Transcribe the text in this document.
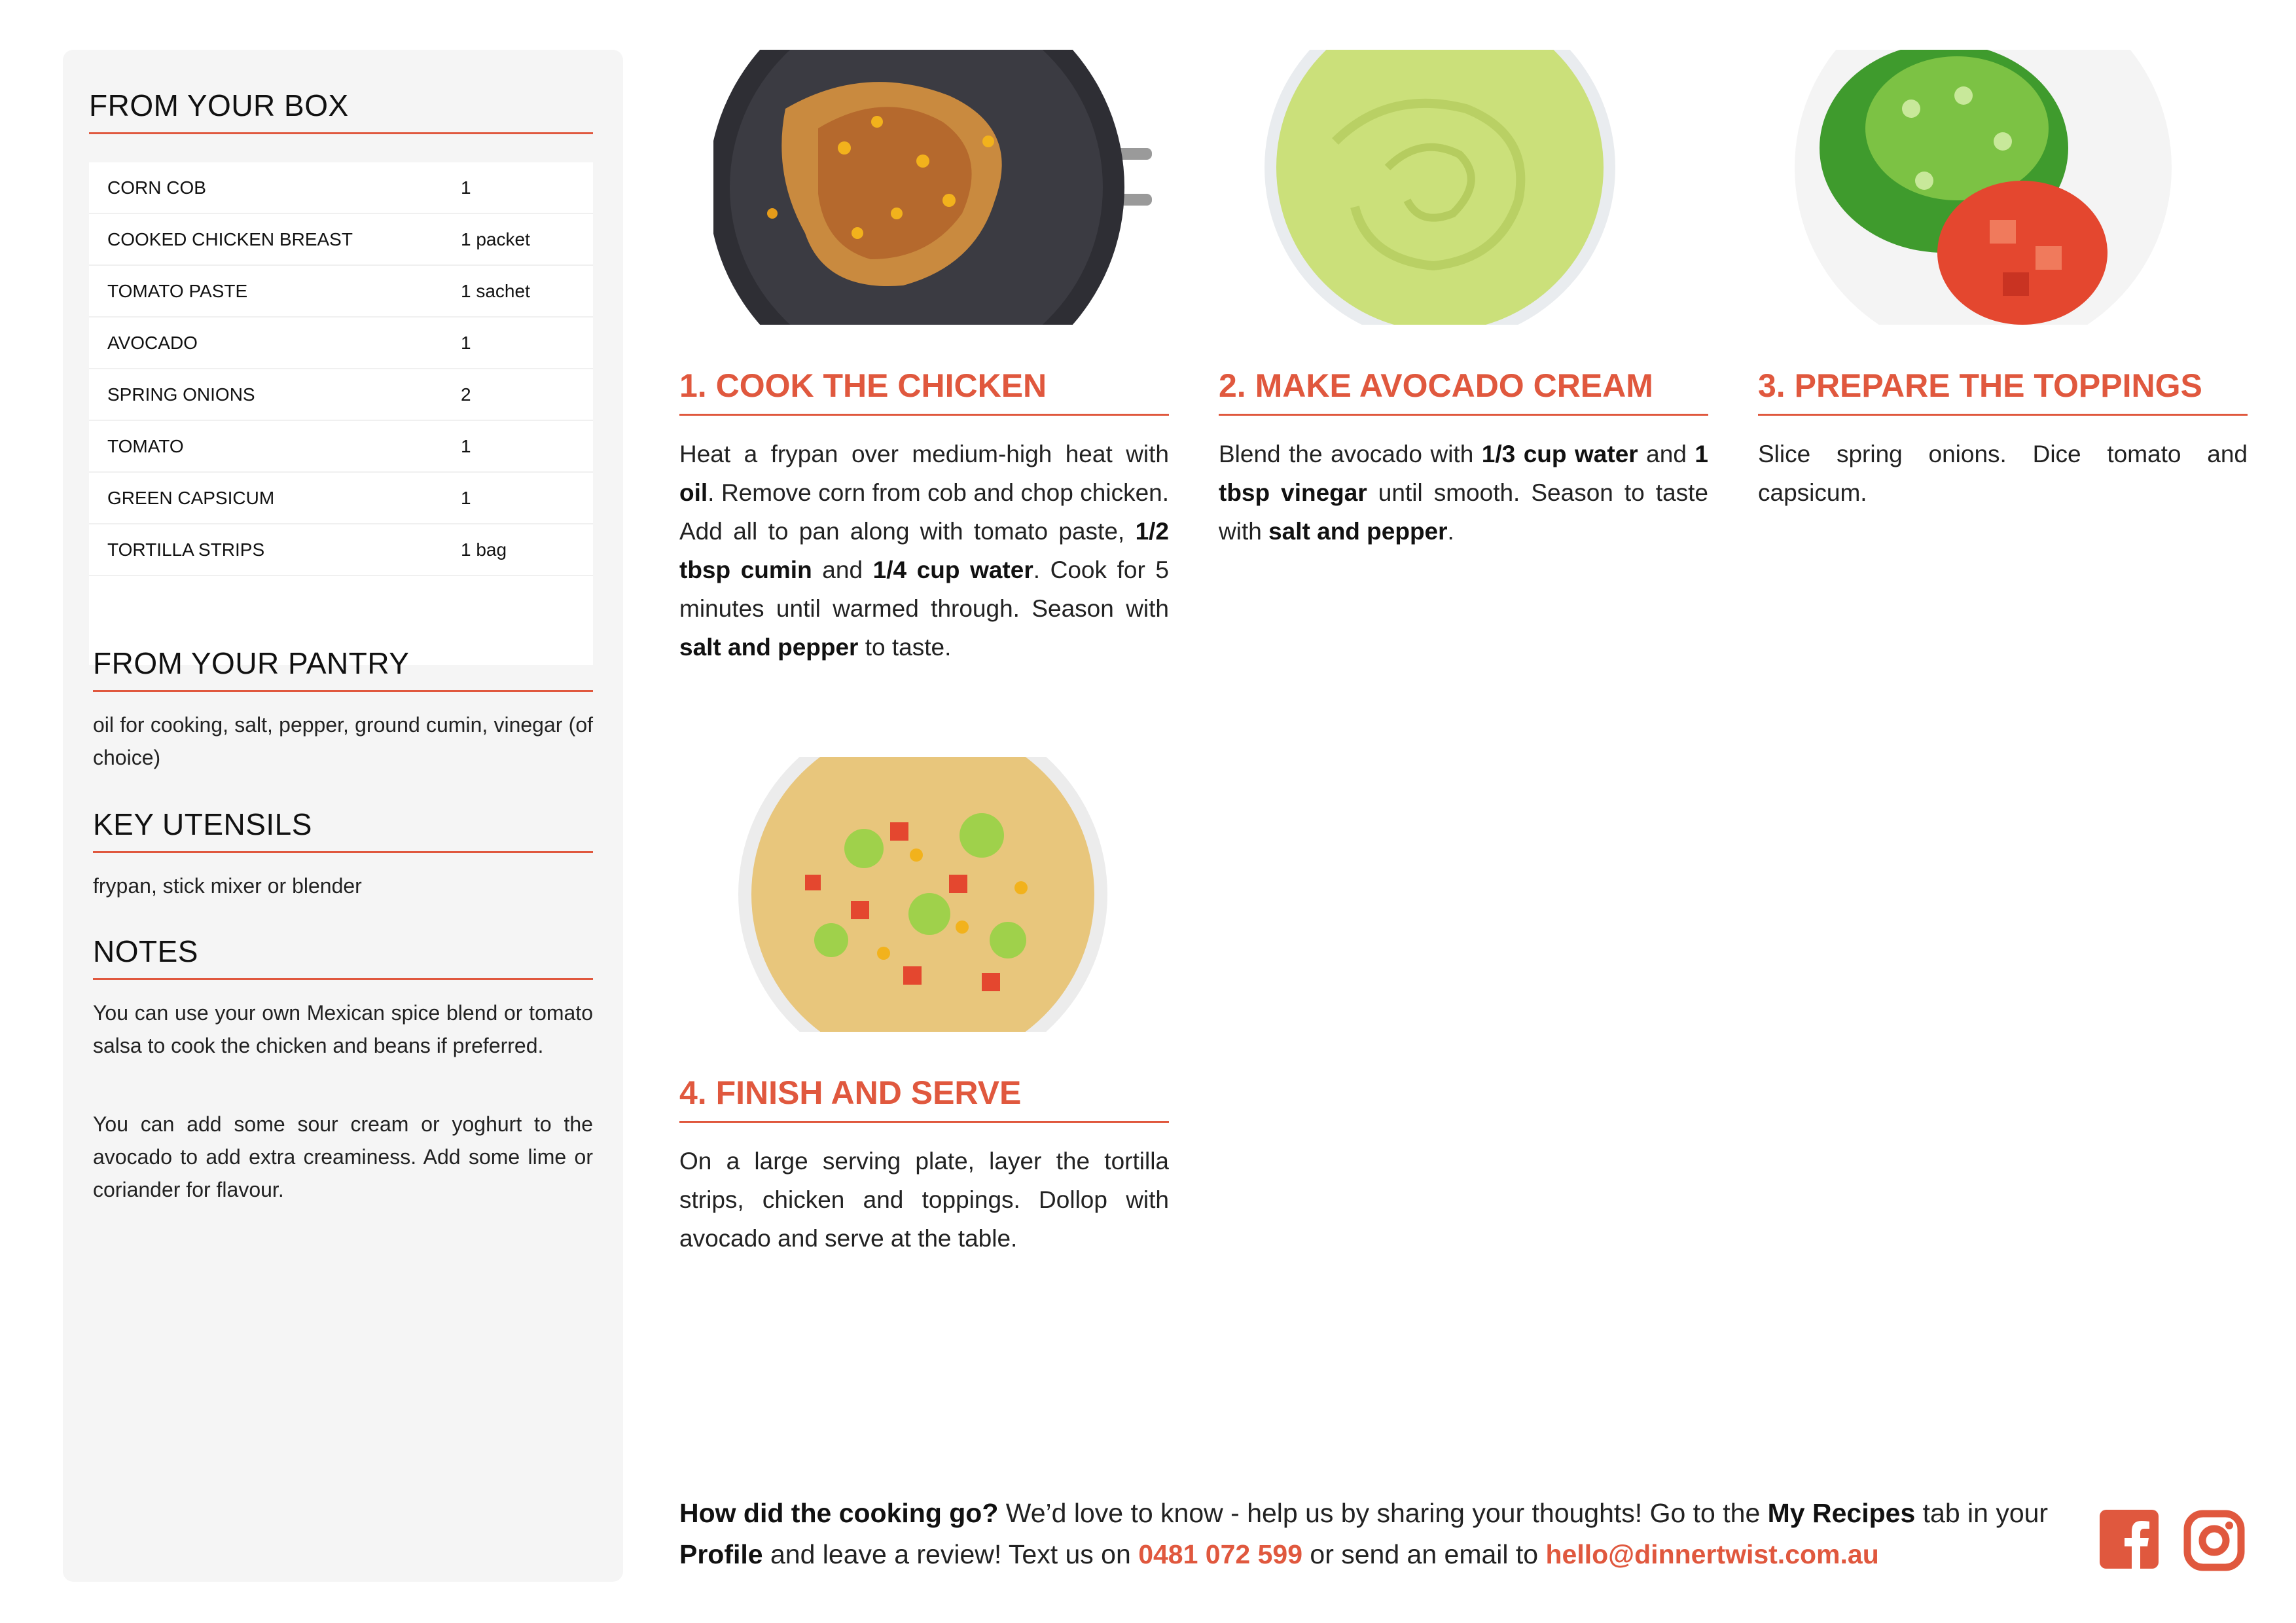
FROM YOUR BOX
CORN COB	1
COOKED CHICKEN BREAST	1 packet
TOMATO PASTE	1 sachet
AVOCADO	1
SPRING ONIONS	2
TOMATO	1
GREEN CAPSICUM	1
TORTILLA STRIPS	1 bag
FROM YOUR PANTRY

oil for cooking, salt, pepper, ground cumin, vinegar (of choice)

KEY UTENSILS

frypan, stick mixer or blender

NOTES

You can use your own Mexican spice blend or tomato salsa to cook the chicken and beans if preferred.

You can add some sour cream or yoghurt to the avocado to add extra creaminess. Add some lime or coriander for flavour.

1. COOK THE CHICKEN

Heat a frypan over medium-high heat with oil. Remove corn from cob and chop chicken. Add all to pan along with tomato paste, 1/2 tbsp cumin and 1/4 cup water. Cook for 5 minutes until warmed through. Season with salt and pepper to taste.

2. MAKE AVOCADO CREAM

Blend the avocado with 1/3 cup water and 1 tbsp vinegar until smooth. Season to taste with salt and pepper.

3. PREPARE THE TOPPINGS

Slice spring onions. Dice tomato and capsicum.

4. FINISH AND SERVE

On a large serving plate, layer the tortilla strips, chicken and toppings. Dollop with avocado and serve at the table.

How did the cooking go? We’d love to know - help us by sharing your thoughts! Go to the My Recipes tab in your Profile and leave a review! Text us on 0481 072 599 or send an email to hello@dinnertwist.com.au
